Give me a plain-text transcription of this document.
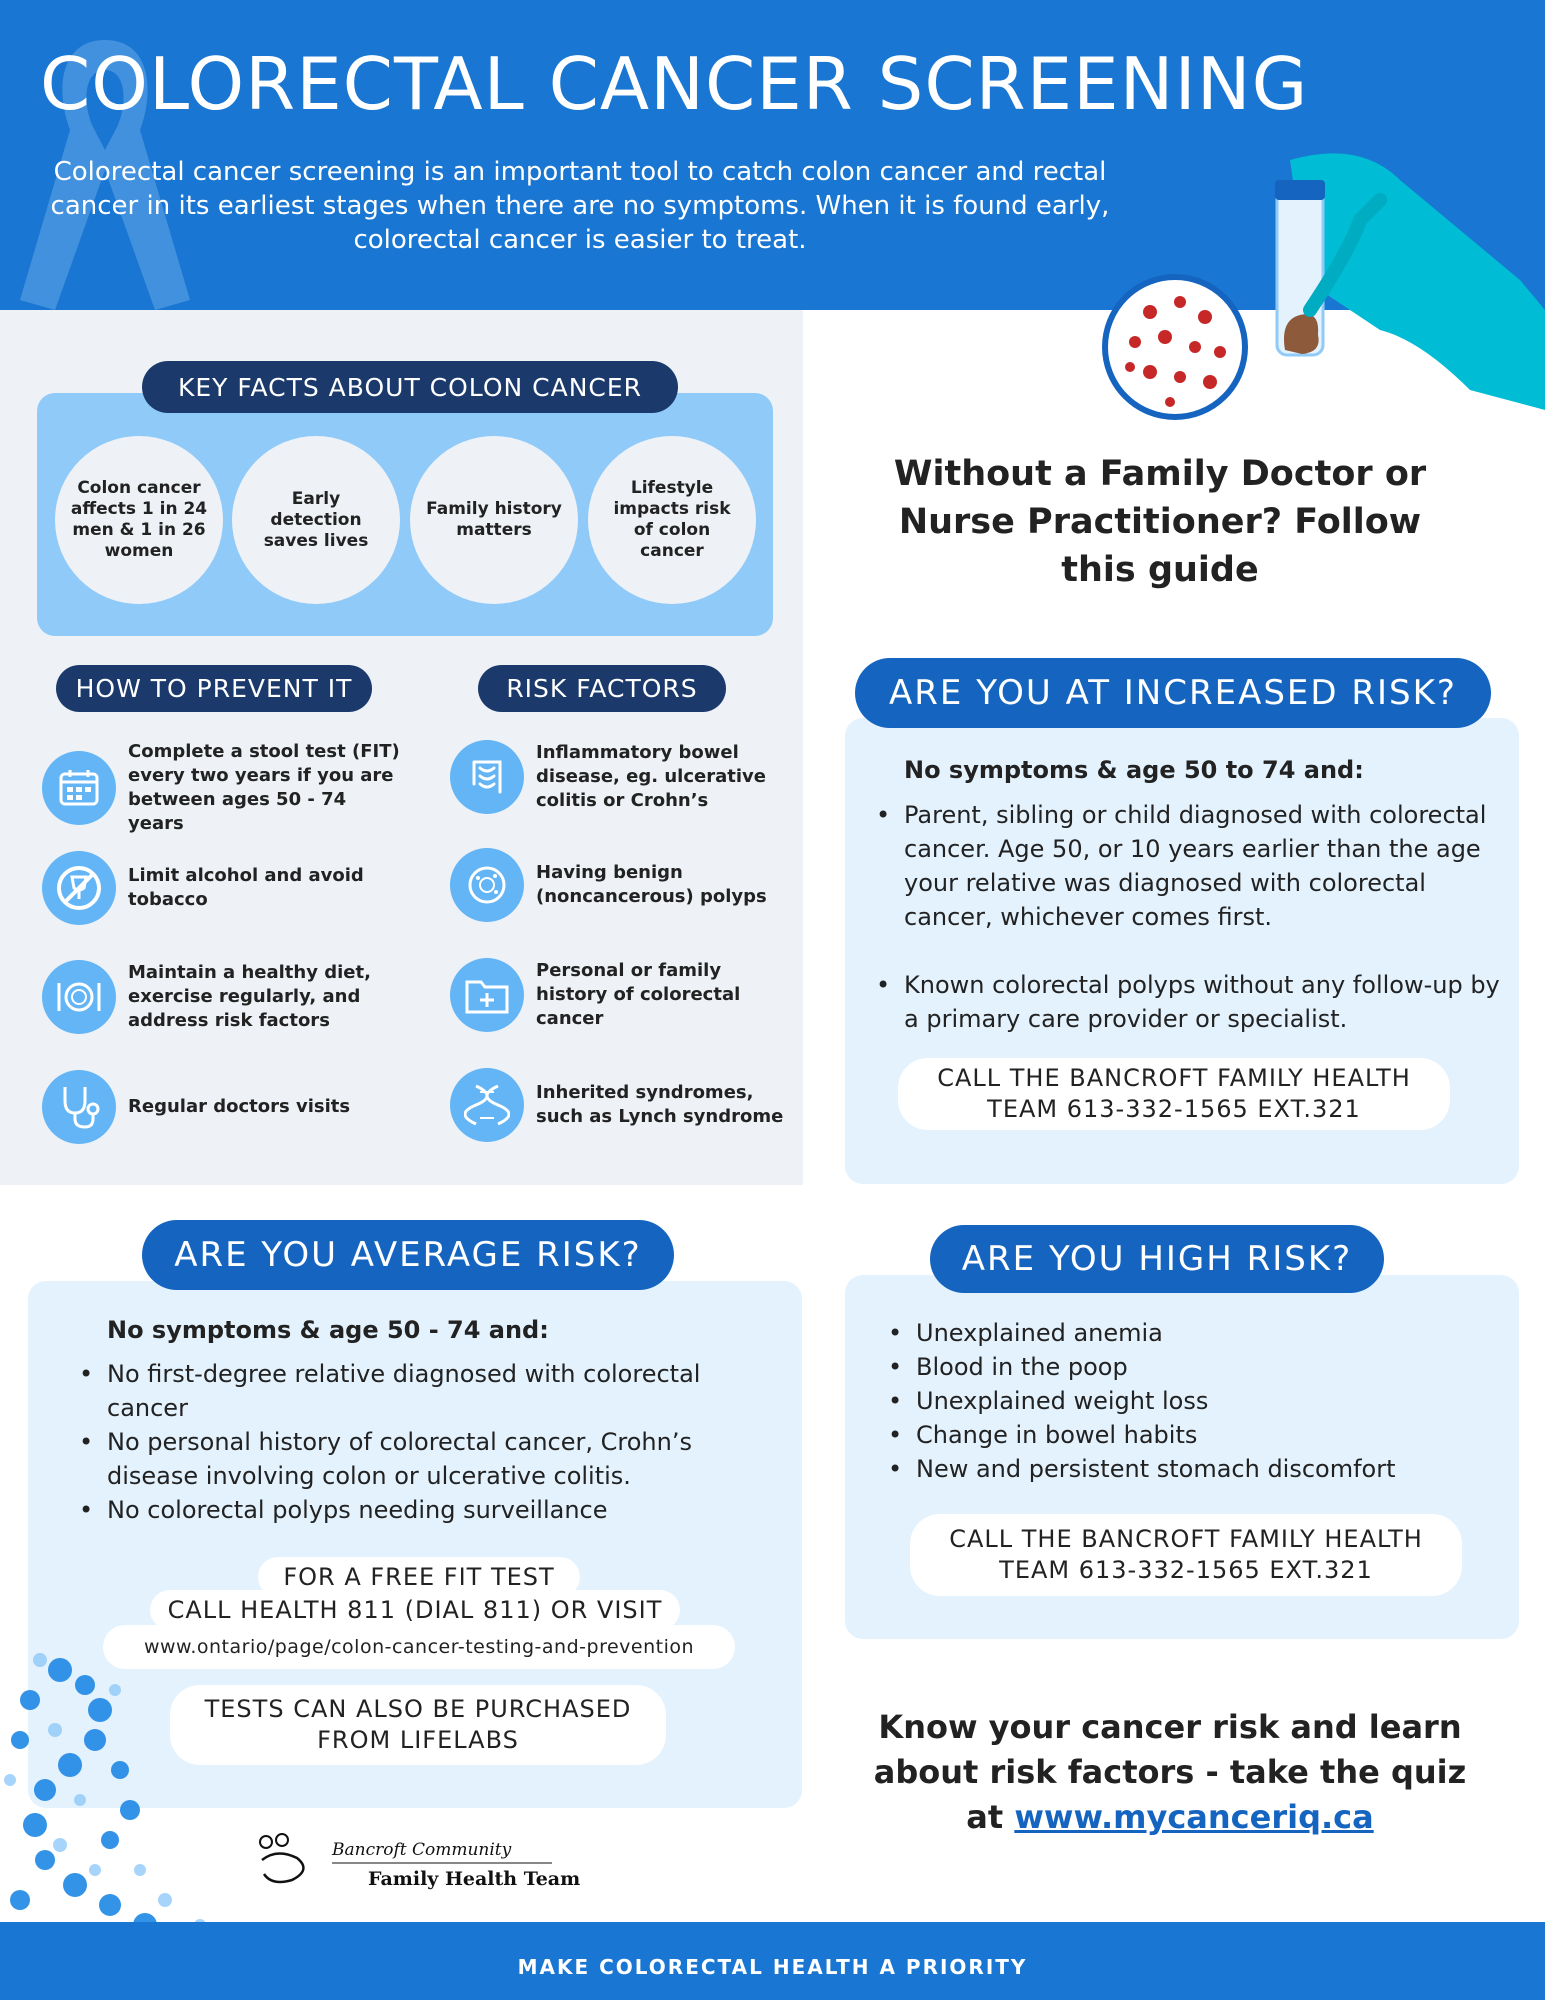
COLORECTAL CANCER SCREENING
Colorectal cancer screening is an important tool to catch colon cancer and rectal cancer in its earliest stages when there are no symptoms. When it is found early, colorectal cancer is easier to treat.
KEY FACTS ABOUT COLON CANCER
Colon cancer affects 1 in 24 men & 1 in 26 women
Early detection saves lives
Family history matters
Lifestyle impacts risk of colon cancer
HOW TO PREVENT IT	RISK FACTORS
Complete a stool test (FIT) every two years if you are between ages 50 - 74 years
Limit alcohol and avoid tobacco
Maintain a healthy diet, exercise regularly, and address risk factors
Regular doctors visits
Inflammatory bowel disease, eg. ulcerative colitis or Crohn’s
Having benign (noncancerous) polyps
Personal or family history of colorectal cancer
Inherited syndromes, such as Lynch syndrome
Without a Family Doctor or Nurse Practitioner? Follow this guide
ARE YOU AT INCREASED RISK?
No symptoms & age 50 to 74 and:
• Parent, sibling or child diagnosed with colorectal cancer. Age 50, or 10 years earlier than the age your relative was diagnosed with colorectal cancer, whichever comes first.
• Known colorectal polyps without any follow-up by a primary care provider or specialist.
CALL THE BANCROFT FAMILY HEALTH
TEAM 613-332-1565 EXT.321
ARE YOU AVERAGE RISK?
No symptoms & age 50 - 74 and:
• No first-degree relative diagnosed with colorectal cancer
• No personal history of colorectal cancer, Crohn’s disease involving colon or ulcerative colitis.
• No colorectal polyps needing surveillance
FOR A FREE FIT TEST
CALL HEALTH 811 (DIAL 811) OR VISIT
www.ontario/page/colon-cancer-testing-and-prevention
TESTS CAN ALSO BE PURCHASED
FROM LIFELABS
ARE YOU HIGH RISK?
• Unexplained anemia
• Blood in the poop
• Unexplained weight loss
• Change in bowel habits
• New and persistent stomach discomfort
CALL THE BANCROFT FAMILY HEALTH
TEAM 613-332-1565 EXT.321
Know your cancer risk and learn about risk factors - take the quiz at www.mycanceriq.ca
Bancroft Community
Family Health Team
MAKE COLORECTAL HEALTH A PRIORITY
